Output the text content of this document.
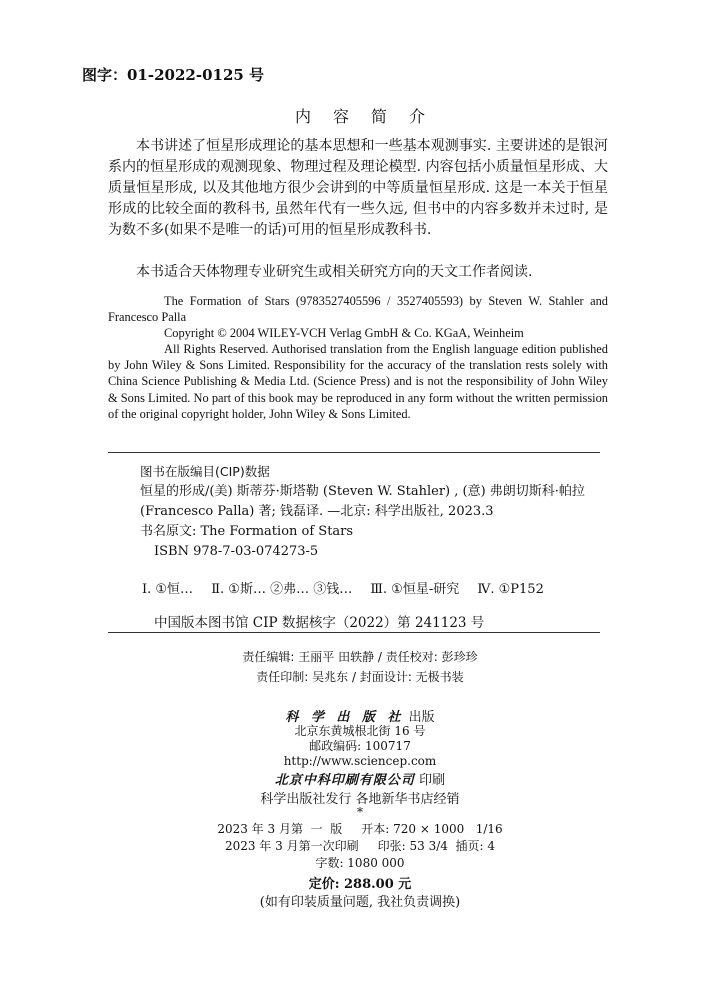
图字：01-2022-0125 号
内容简介
本书讲述了恒星形成理论的基本思想和一些基本观测事实. 主要讲述的是银河系内的恒星形成的观测现象、物理过程及理论模型. 内容包括小质量恒星形成、大质量恒星形成, 以及其他地方很少会讲到的中等质量恒星形成. 这是一本关于恒星形成的比较全面的教科书, 虽然年代有一些久远, 但书中的内容多数并未过时, 是为数不多(如果不是唯一的话)可用的恒星形成教科书.
本书适合天体物理专业研究生或相关研究方向的天文工作者阅读.
The Formation of Stars (9783527405596 / 3527405593) by Steven W. Stahler and Francesco Palla
Copyright © 2004 WILEY-VCH Verlag GmbH & Co. KGaA, Weinheim
All Rights Reserved. Authorised translation from the English language edition published by John Wiley & Sons Limited. Responsibility for the accuracy of the translation rests solely with China Science Publishing & Media Ltd. (Science Press) and is not the responsibility of John Wiley & Sons Limited. No part of this book may be reproduced in any form without the written permission of the original copyright holder, John Wiley & Sons Limited.
图书在版编目(CIP)数据
恒星的形成/(美) 斯蒂芬·斯塔勒 (Steven W. Stahler) , (意) 弗朗切斯科·帕拉 (Francesco Palla) 著; 钱磊译. —北京: 科学出版社, 2023.3
书名原文: The Formation of Stars
ISBN 978-7-03-074273-5
Ⅰ. ①恒… Ⅱ. ①斯… ②弗… ③钱… Ⅲ. ①恒星-研究 Ⅳ. ①P152
中国版本图书馆 CIP 数据核字（2022）第 241123 号
责任编辑: 王丽平 田轶静 / 责任校对: 彭珍珍
责任印制: 吴兆东 / 封面设计: 无极书装
科 学 出 版 社 出版
北京东黄城根北街 16 号
邮政编码: 100717
http://www.sciencep.com
北京中科印刷有限公司 印刷
科学出版社发行 各地新华书店经销
*
2023 年 3 月第  一  版     开本: 720 × 1000   1/16
2023 年 3 月第一次印刷     印张: 53 3/4  插页: 4
字数: 1080 000
定价: 288.00 元
(如有印装质量问题, 我社负责调换)
